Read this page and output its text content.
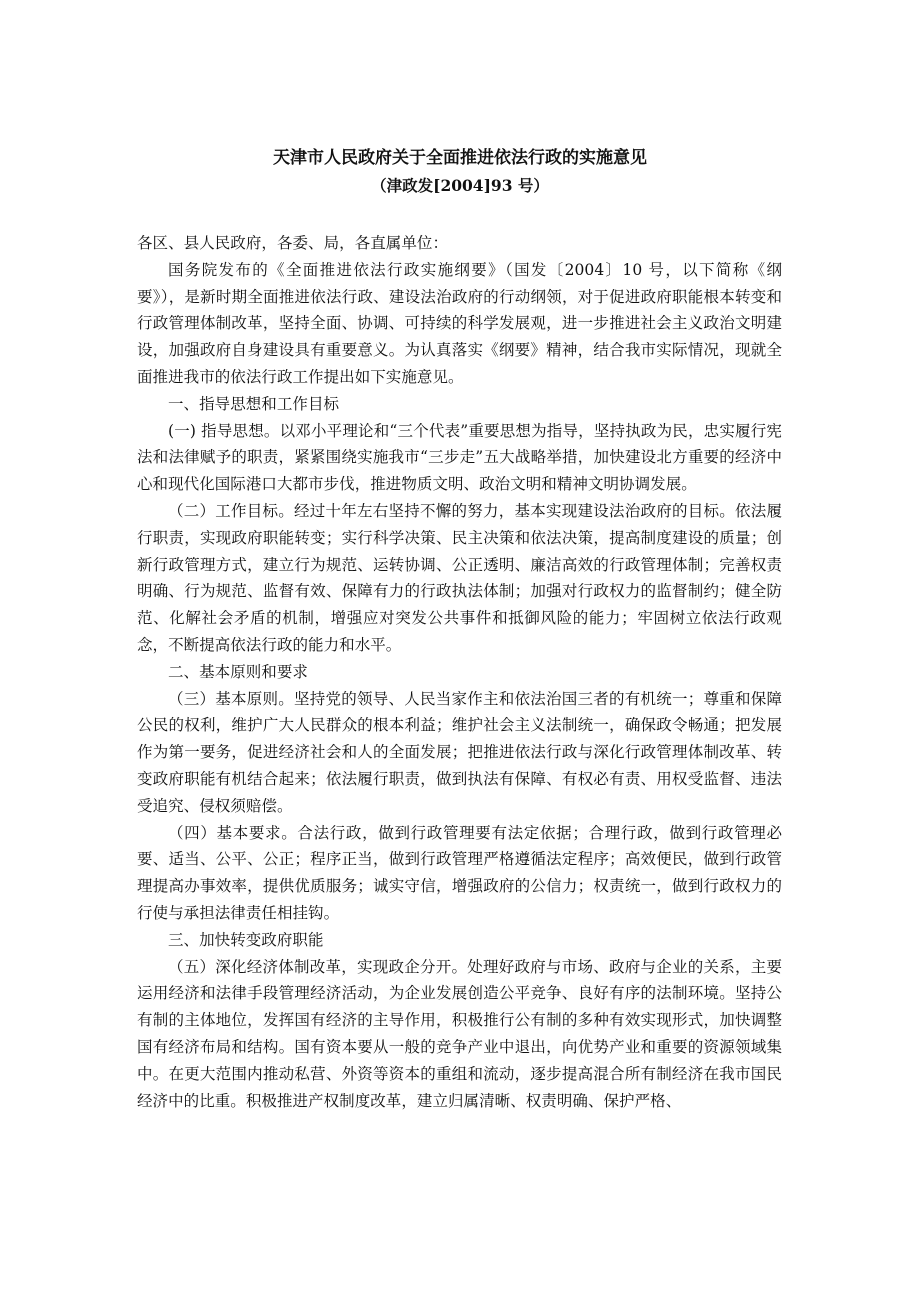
天津市人民政府关于全面推进依法行政的实施意见
（津政发[2004]93 号）

各区、县人民政府，各委、局，各直属单位：

国务院发布的《全面推进依法行政实施纲要》（国发〔2004〕10 号，以下简称《纲要》），是新时期全面推进依法行政、建设法治政府的行动纲领，对于促进政府职能根本转变和行政管理体制改革，坚持全面、协调、可持续的科学发展观，进一步推进社会主义政治文明建设，加强政府自身建设具有重要意义。为认真落实《纲要》精神，结合我市实际情况，现就全面推进我市的依法行政工作提出如下实施意见。

一、指导思想和工作目标

(一) 指导思想。以邓小平理论和“三个代表”重要思想为指导，坚持执政为民，忠实履行宪法和法律赋予的职责，紧紧围绕实施我市“三步走”五大战略举措，加快建设北方重要的经济中心和现代化国际港口大都市步伐，推进物质文明、政治文明和精神文明协调发展。

（二）工作目标。经过十年左右坚持不懈的努力，基本实现建设法治政府的目标。依法履行职责，实现政府职能转变；实行科学决策、民主决策和依法决策，提高制度建设的质量；创新行政管理方式，建立行为规范、运转协调、公正透明、廉洁高效的行政管理体制；完善权责明确、行为规范、监督有效、保障有力的行政执法体制；加强对行政权力的监督制约；健全防范、化解社会矛盾的机制，增强应对突发公共事件和抵御风险的能力；牢固树立依法行政观念，不断提高依法行政的能力和水平。

二、基本原则和要求

（三）基本原则。坚持党的领导、人民当家作主和依法治国三者的有机统一；尊重和保障公民的权利，维护广大人民群众的根本利益；维护社会主义法制统一，确保政令畅通；把发展作为第一要务，促进经济社会和人的全面发展；把推进依法行政与深化行政管理体制改革、转变政府职能有机结合起来；依法履行职责，做到执法有保障、有权必有责、用权受监督、违法受追究、侵权须赔偿。

（四）基本要求。合法行政，做到行政管理要有法定依据；合理行政，做到行政管理必要、适当、公平、公正；程序正当，做到行政管理严格遵循法定程序；高效便民，做到行政管理提高办事效率，提供优质服务；诚实守信，增强政府的公信力；权责统一，做到行政权力的行使与承担法律责任相挂钩。

三、加快转变政府职能

（五）深化经济体制改革，实现政企分开。处理好政府与市场、政府与企业的关系，主要运用经济和法律手段管理经济活动，为企业发展创造公平竞争、良好有序的法制环境。坚持公有制的主体地位，发挥国有经济的主导作用，积极推行公有制的多种有效实现形式，加快调整国有经济布局和结构。国有资本要从一般的竞争产业中退出，向优势产业和重要的资源领域集中。在更大范围内推动私营、外资等资本的重组和流动，逐步提高混合所有制经济在我市国民经济中的比重。积极推进产权制度改革，建立归属清晰、权责明确、保护严格、
